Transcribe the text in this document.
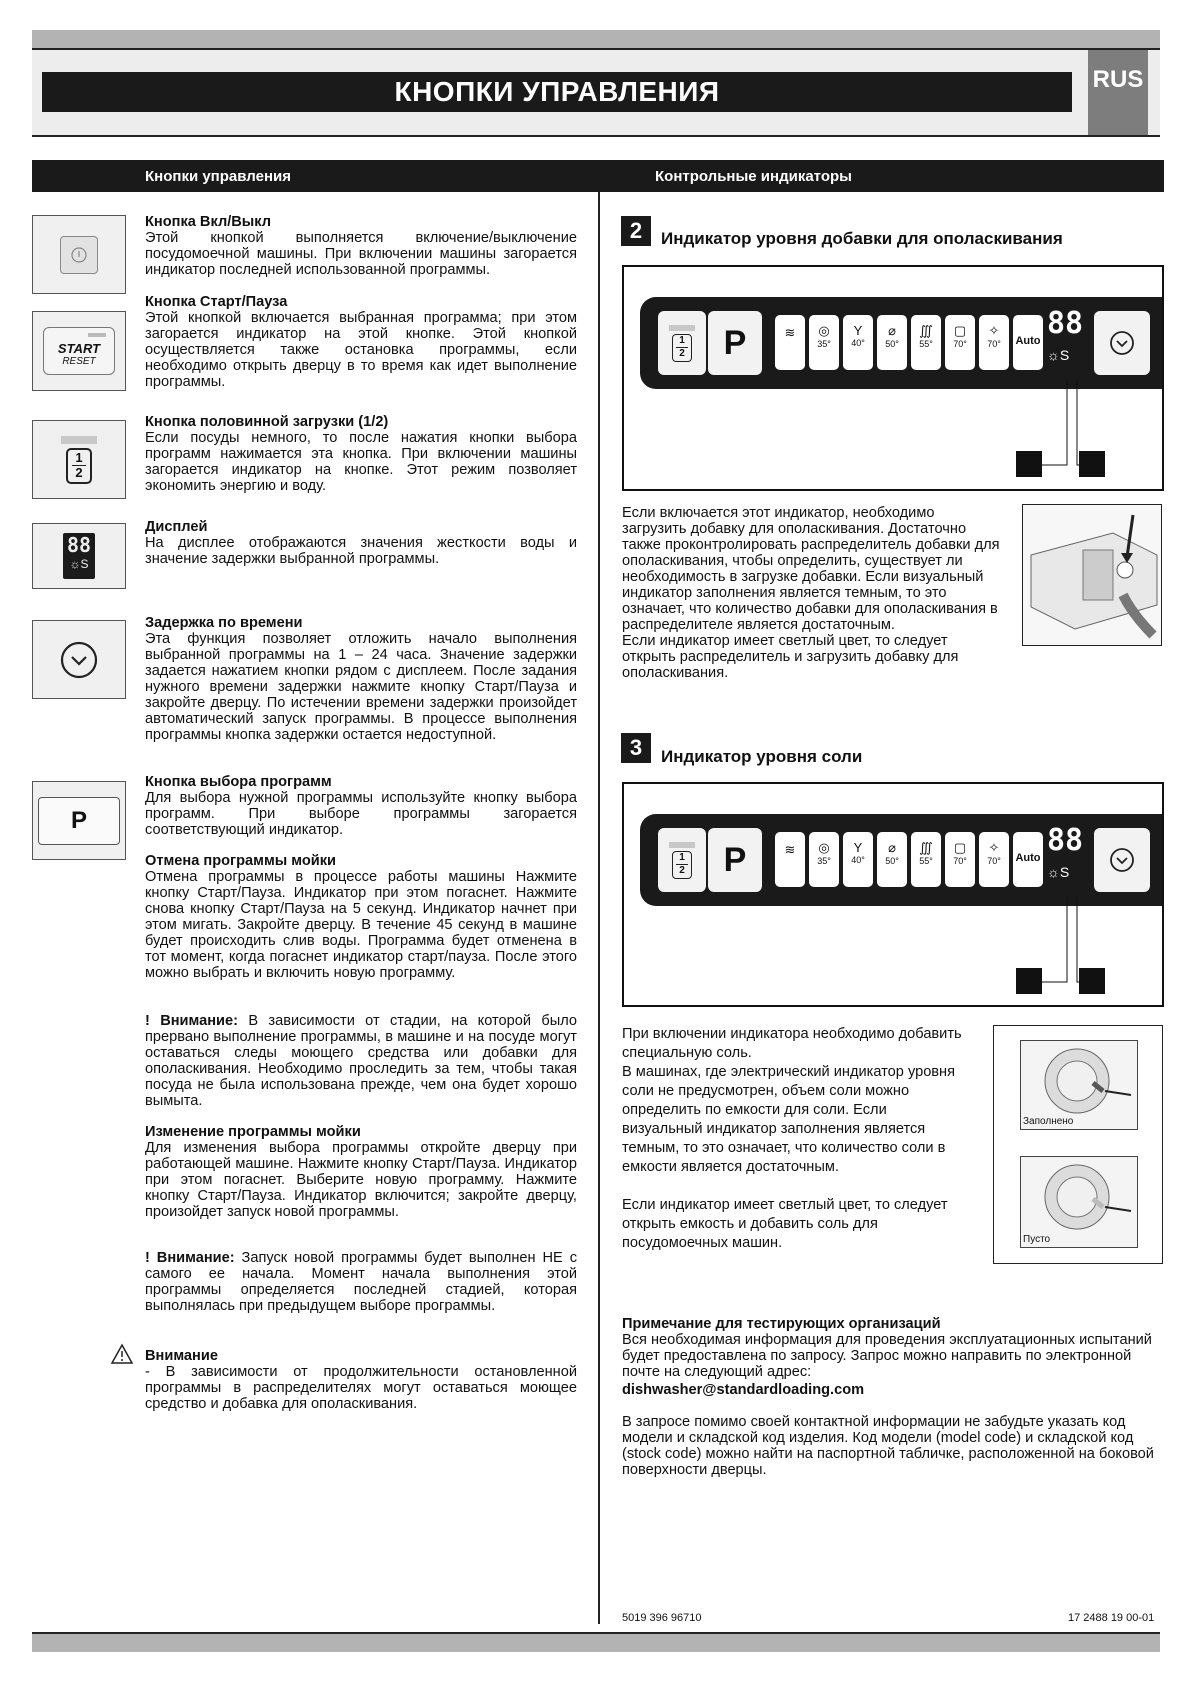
КНОПКИ УПРАВЛЕНИЯ	RUS
Кнопки управления	Контрольные индикаторы
START
RESET
1
2
88
☼S
P
Кнопка Вкл/Выкл

Этой кнопкой выполняется включение/выключение посудомоечной машины. При включении машины загорается индикатор последней использованной программы.

Кнопка Старт/Пауза

Этой кнопкой включается выбранная программа; при этом загорается индикатор на этой кнопке. Этой кнопкой осуществляется также остановка программы, если необходимо открыть дверцу в то время как идет выполнение программы.

Кнопка половинной загрузки (1/2)

Если посуды немного, то после нажатия кнопки выбора программ нажимается эта кнопка. При включении машины загорается индикатор на кнопке. Этот режим позволяет экономить энергию и воду.

Дисплей

На дисплее отображаются значения жесткости воды и значение задержки выбранной программы.

Задержка по времени

Эта функция позволяет отложить начало выполнения выбранной программы на 1 – 24 часа. Значение задержки задается нажатием кнопки рядом с дисплеем. После задания нужного времени задержки нажмите кнопку Старт/Пауза и закройте дверцу. По истечении времени задержки произойдет автоматический запуск программы. В процессе выполнения программы кнопка задержки остается недоступной.

Кнопка выбора программ

Для выбора нужной программы используйте кнопку выбора программ. При выборе программы загорается соответствующий индикатор.

Отмена программы мойки

Отмена программы в процессе работы машины Нажмите кнопку Старт/Пауза. Индикатор при этом погаснет. Нажмите снова кнопку Старт/Пауза на 5 секунд. Индикатор начнет при этом мигать. Закройте дверцу. В течение 45 секунд в машине будет происходить слив воды. Программа будет отменена в тот момент, когда погаснет индикатор старт/пауза. После этого можно выбрать и включить новую программу.

! Внимание: В зависимости от стадии, на которой было прервано выполнение программы, в машине и на посуде могут оставаться следы моющего средства или добавки для ополаскивания. Необходимо проследить за тем, чтобы такая посуда не была использована прежде, чем она будет хорошо вымыта.

Изменение программы мойки

Для изменения выбора программы откройте дверцу при работающей машине. Нажмите кнопку Старт/Пауза. Индикатор при этом погаснет. Выберите новую программу. Нажмите кнопку Старт/Пауза. Индикатор включится; закройте дверцу, произойдет запуск новой программы.

! Внимание: Запуск новой программы будет выполнен НЕ с самого ее начала. Момент начала выполнения этой программы определяется последней стадией, которая выполнялась при предыдущем выборе программы.

Внимание

- В зависимости от продолжительности остановленной программы в распределителях могут оставаться моющее средство и добавка для ополаскивания.

2	Индикатор уровня добавки для ополаскивания
1
2	P	≋	◎
35°
Y
40°
⌀
50°
∭
55°
▢
70°
✧
70°	Auto 88
☼S
Если включается этот индикатор, необходимо загрузить добавку для ополаскивания. Достаточно также проконтролировать распределитель добавки для ополаскивания, чтобы определить, существует ли необходимость в загрузке добавки. Если визуальный индикатор заполнения является темным, то это означает, что количество добавки для ополаскивания в распределителе является достаточным.
Если индикатор имеет светлый цвет, то следует открыть распределитель и загрузить добавку для ополаскивания.
3	Индикатор уровня соли
1
2	P	≋	◎
35°
Y
40°
⌀
50°
∭
55°
▢
70°
✧
70°	Auto 88
☼S
При включении индикатора необходимо добавить специальную соль.
В машинах, где электрический индикатор уровня соли не предусмотрен, объем соли можно определить по емкости для соли. Если визуальный индикатор заполнения является темным, то это означает, что количество соли в емкости является достаточным.

Если индикатор имеет светлый цвет, то следует открыть емкость и добавить соль для посудомоечных машин.
Заполнено
Пусто
Примечание для тестирующих организаций
Вся необходимая информация для проведения эксплуатационных испытаний будет предоставлена по запросу. Запрос можно направить по электронной почте на следующий адрес:
dishwasher@standardloading.com
В запросе помимо своей контактной информации не забудьте указать код модели и складской код изделия. Код модели (model code) и складской код (stock code) можно найти на паспортной табличке, расположенной на боковой поверхности дверцы.
5019 396 96710	17 2488 19 00-01
